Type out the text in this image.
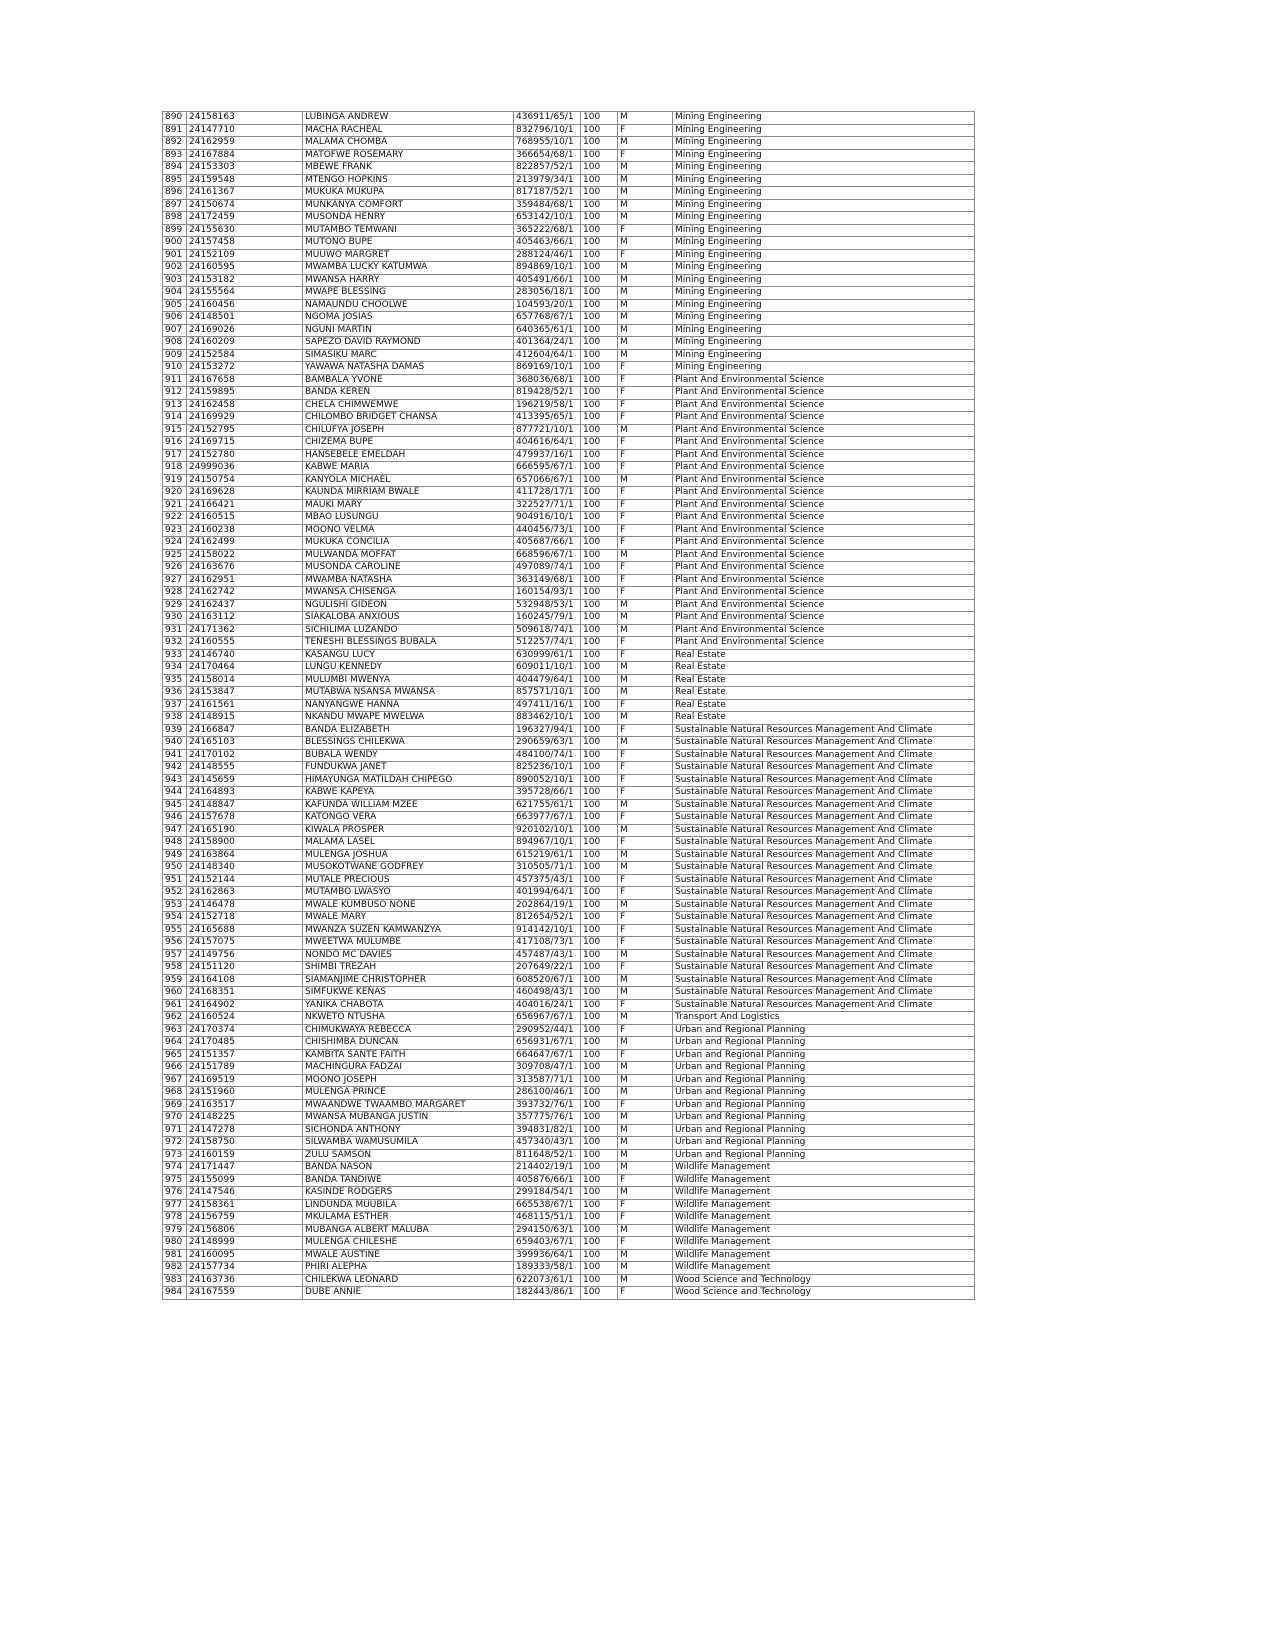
890	24158163	LUBINGA ANDREW	436911/65/1	100	M	Mining Engineering
891	24147710	MACHA RACHEAL	832796/10/1	100	F	Mining Engineering
892	24162959	MALAMA CHOMBA	768955/10/1	100	M	Mining Engineering
893	24167884	MATOFWE ROSEMARY	366654/68/1	100	F	Mining Engineering
894	24153303	MBEWE FRANK	822857/52/1	100	M	Mining Engineering
895	24159548	MTENGO HOPKINS	213979/34/1	100	M	Mining Engineering
896	24161367	MUKUKA MUKUPA	817187/52/1	100	M	Mining Engineering
897	24150674	MUNKANYA COMFORT	359484/68/1	100	M	Mining Engineering
898	24172459	MUSONDA HENRY	653142/10/1	100	M	Mining Engineering
899	24155630	MUTAMBO TEMWANI	365222/68/1	100	F	Mining Engineering
900	24157458	MUTONO BUPE	405463/66/1	100	M	Mining Engineering
901	24152109	MUUWO MARGRET	288124/46/1	100	F	Mining Engineering
902	24160595	MWAMBA LUCKY KATUMWA	894869/10/1	100	M	Mining Engineering
903	24153182	MWANSA HARRY	405491/66/1	100	M	Mining Engineering
904	24155564	MWAPE BLESSING	283056/18/1	100	M	Mining Engineering
905	24160456	NAMAUNDU CHOOLWE	104593/20/1	100	M	Mining Engineering
906	24148501	NGOMA JOSIAS	657768/67/1	100	M	Mining Engineering
907	24169026	NGUNI MARTIN	640365/61/1	100	M	Mining Engineering
908	24160209	SAPEZO DAVID RAYMOND	401364/24/1	100	M	Mining Engineering
909	24152584	SIMASIKU MARC	412604/64/1	100	M	Mining Engineering
910	24153272	YAWAWA NATASHA DAMAS	869169/10/1	100	F	Mining Engineering
911	24167658	BAMBALA YVONE	368036/68/1	100	F	Plant And Environmental Science
912	24159895	BANDA KEREN	819428/52/1	100	F	Plant And Environmental Science
913	24162458	CHELA CHIMWEMWE	196219/58/1	100	F	Plant And Environmental Science
914	24169929	CHILOMBO BRIDGET CHANSA	413395/65/1	100	F	Plant And Environmental Science
915	24152795	CHILUFYA JOSEPH	877721/10/1	100	M	Plant And Environmental Science
916	24169715	CHIZEMA BUPE	404616/64/1	100	F	Plant And Environmental Science
917	24152780	HANSEBELE EMELDAH	479937/16/1	100	F	Plant And Environmental Science
918	24999036	KABWE MARIA	666595/67/1	100	F	Plant And Environmental Science
919	24150754	KANYOLA MICHAEL	657066/67/1	100	M	Plant And Environmental Science
920	24169628	KAUNDA MIRRIAM BWALE	411728/17/1	100	F	Plant And Environmental Science
921	24166421	MAUKI MARY	322527/71/1	100	F	Plant And Environmental Science
922	24160515	MBAO LUSUNGU	904916/10/1	100	F	Plant And Environmental Science
923	24160238	MOONO VELMA	440456/73/1	100	F	Plant And Environmental Science
924	24162499	MUKUKA CONCILIA	405687/66/1	100	F	Plant And Environmental Science
925	24158022	MULWANDA MOFFAT	668596/67/1	100	M	Plant And Environmental Science
926	24163676	MUSONDA CAROLINE	497089/74/1	100	F	Plant And Environmental Science
927	24162951	MWAMBA NATASHA	363149/68/1	100	F	Plant And Environmental Science
928	24162742	MWANSA CHISENGA	160154/93/1	100	F	Plant And Environmental Science
929	24162437	NGULISHI GIDEON	532948/53/1	100	M	Plant And Environmental Science
930	24163112	SIAKALOBA ANXIOUS	160245/79/1	100	M	Plant And Environmental Science
931	24171362	SICHILIMA LUZANDO	509618/74/1	100	M	Plant And Environmental Science
932	24160555	TENESHI BLESSINGS BUBALA	512257/74/1	100	F	Plant And Environmental Science
933	24146740	KASANGU LUCY	630999/61/1	100	F	Real Estate
934	24170464	LUNGU KENNEDY	609011/10/1	100	M	Real Estate
935	24158014	MULUMBI MWENYA	404479/64/1	100	M	Real Estate
936	24153847	MUTABWA NSANSA MWANSA	857571/10/1	100	M	Real Estate
937	24161561	NANYANGWE HANNA	497411/16/1	100	F	Real Estate
938	24148915	NKANDU MWAPE MWELWA	883462/10/1	100	M	Real Estate
939	24166847	BANDA ELIZABETH	196327/94/1	100	F	Sustainable Natural Resources Management And Climate
940	24165103	BLESSINGS CHILEKWA	290659/63/1	100	M	Sustainable Natural Resources Management And Climate
941	24170102	BUBALA WENDY	484100/74/1	100	F	Sustainable Natural Resources Management And Climate
942	24148555	FUNDUKWA JANET	825236/10/1	100	F	Sustainable Natural Resources Management And Climate
943	24145659	HIMAYUNGA MATILDAH CHIPEGO	890052/10/1	100	F	Sustainable Natural Resources Management And Climate
944	24164893	KABWE KAPEYA	395728/66/1	100	F	Sustainable Natural Resources Management And Climate
945	24148847	KAFUNDA WILLIAM MZEE	621755/61/1	100	M	Sustainable Natural Resources Management And Climate
946	24157678	KATONGO VERA	663977/67/1	100	F	Sustainable Natural Resources Management And Climate
947	24165190	KIWALA PROSPER	920102/10/1	100	M	Sustainable Natural Resources Management And Climate
948	24158900	MALAMA LASEL	894967/10/1	100	F	Sustainable Natural Resources Management And Climate
949	24163864	MULENGA JOSHUA	615219/61/1	100	M	Sustainable Natural Resources Management And Climate
950	24148340	MUSOKOTWANE GODFREY	310505/71/1	100	M	Sustainable Natural Resources Management And Climate
951	24152144	MUTALE PRECIOUS	457375/43/1	100	F	Sustainable Natural Resources Management And Climate
952	24162863	MUTAMBO LWASYO	401994/64/1	100	F	Sustainable Natural Resources Management And Climate
953	24146478	MWALE KUMBUSO NONE	202864/19/1	100	M	Sustainable Natural Resources Management And Climate
954	24152718	MWALE MARY	812654/52/1	100	F	Sustainable Natural Resources Management And Climate
955	24165688	MWANZA SUZEN KAMWANZYA	914142/10/1	100	F	Sustainable Natural Resources Management And Climate
956	24157075	MWEETWA MULUMBE	417108/73/1	100	F	Sustainable Natural Resources Management And Climate
957	24149756	NONDO MC DAVIES	457487/43/1	100	M	Sustainable Natural Resources Management And Climate
958	24151120	SHIMBI TREZAH	207649/22/1	100	F	Sustainable Natural Resources Management And Climate
959	24164108	SIAMANJIME CHRISTOPHER	608520/67/1	100	M	Sustainable Natural Resources Management And Climate
960	24168351	SIMFUKWE KENAS	460498/43/1	100	M	Sustainable Natural Resources Management And Climate
961	24164902	YANIKA CHABOTA	404016/24/1	100	F	Sustainable Natural Resources Management And Climate
962	24160524	NKWETO NTUSHA	656967/67/1	100	M	Transport And Logistics
963	24170374	CHIMUKWAYA REBECCA	290952/44/1	100	F	Urban and Regional Planning
964	24170485	CHISHIMBA DUNCAN	656931/67/1	100	M	Urban and Regional Planning
965	24151357	KAMBITA SANTE FAITH	664647/67/1	100	F	Urban and Regional Planning
966	24151789	MACHINGURA FADZAI	309708/47/1	100	M	Urban and Regional Planning
967	24169519	MOONO JOSEPH	313587/71/1	100	M	Urban and Regional Planning
968	24151960	MULENGA PRINCE	286100/46/1	100	M	Urban and Regional Planning
969	24163517	MWAANDWE TWAAMBO MARGARET	393732/76/1	100	F	Urban and Regional Planning
970	24148225	MWANSA MUBANGA JUSTIN	357775/76/1	100	M	Urban and Regional Planning
971	24147278	SICHONDA ANTHONY	394831/82/1	100	M	Urban and Regional Planning
972	24158750	SILWAMBA WAMUSUMILA	457340/43/1	100	M	Urban and Regional Planning
973	24160159	ZULU SAMSON	811648/52/1	100	M	Urban and Regional Planning
974	24171447	BANDA NASON	214402/19/1	100	M	Wildlife Management
975	24155099	BANDA TANDIWE	405876/66/1	100	F	Wildlife Management
976	24147546	KASINDE RODGERS	299184/54/1	100	M	Wildlife Management
977	24158361	LINDUNDA MUUBILA	665538/67/1	100	F	Wildlife Management
978	24156759	MKULAMA ESTHER	468115/51/1	100	F	Wildlife Management
979	24156806	MUBANGA ALBERT MALUBA	294150/63/1	100	M	Wildlife Management
980	24148999	MULENGA CHILESHE	659403/67/1	100	F	Wildlife Management
981	24160095	MWALE AUSTINE	399936/64/1	100	M	Wildlife Management
982	24157734	PHIRI ALEPHA	189333/58/1	100	M	Wildlife Management
983	24163736	CHILEKWA LEONARD	622073/61/1	100	M	Wood Science and Technology
984	24167559	DUBE ANNIE	182443/86/1	100	F	Wood Science and Technology
